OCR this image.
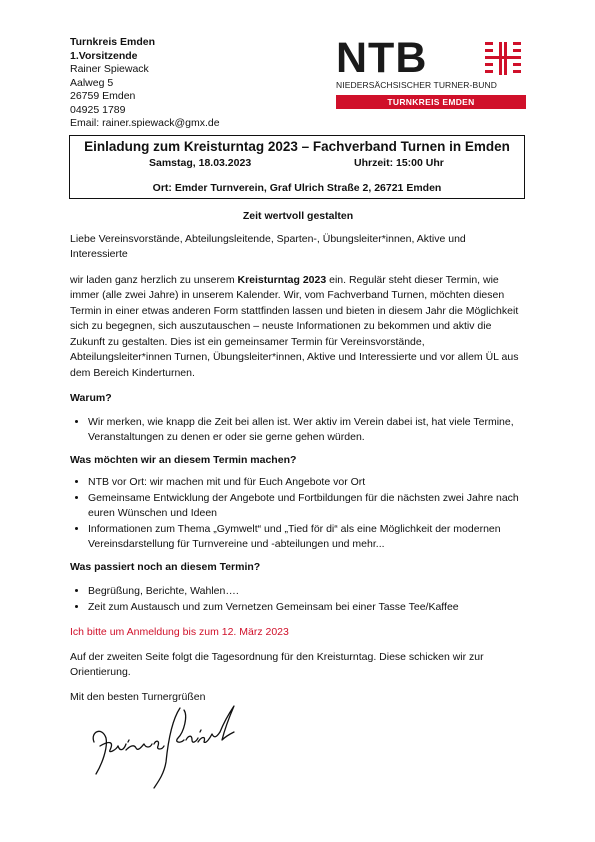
Turnkreis Emden
1.Vorsitzende
Rainer Spiewack
Aalweg 5
26759 Emden
04925 1789
Email: rainer.spiewack@gmx.de
NTB
NIEDERSÄCHSISCHER TURNER-BUND
TURNKREIS EMDEN
Einladung zum Kreisturntag 2023 – Fachverband Turnen in Emden
Samstag, 18.03.2023	Uhrzeit: 15:00 Uhr
Ort: Emder Turnverein, Graf Ulrich Straße 2, 26721 Emden

Zeit wertvoll gestalten

Liebe Vereinsvorstände, Abteilungsleitende, Sparten-, Übungsleiter*innen, Aktive und Interessierte

wir laden ganz herzlich zu unserem Kreisturntag 2023 ein. Regulär steht dieser Termin, wie immer (alle zwei Jahre) in unserem Kalender. Wir, vom Fachverband Turnen, möchten diesen Termin in einer etwas anderen Form stattfinden lassen und bieten in diesem Jahr die Möglichkeit sich zu begegnen, sich auszutauschen – neuste Informationen zu bekommen und aktiv die Zukunft zu gestalten. Dies ist ein gemeinsamer Termin für Vereinsvorstände, Abteilungsleiter*innen Turnen, Übungsleiter*innen, Aktive und Interessierte und vor allem ÜL aus dem Bereich Kinderturnen.

Warum?

• Wir merken, wie knapp die Zeit bei allen ist. Wer aktiv im Verein dabei ist, hat viele Termine, Veranstaltungen zu denen er oder sie gerne gehen würden.

Was möchten wir an diesem Termin machen?

• NTB vor Ort: wir machen mit und für Euch Angebote vor Ort
• Gemeinsame Entwicklung der Angebote und Fortbildungen für die nächsten zwei Jahre nach euren Wünschen und Ideen
• Informationen zum Thema „Gymwelt“ und „Tied för di“ als eine Möglichkeit der modernen Vereinsdarstellung für Turnvereine und -abteilungen und mehr...

Was passiert noch an diesem Termin?

• Begrüßung, Berichte, Wahlen….
• Zeit zum Austausch und zum Vernetzen Gemeinsam bei einer Tasse Tee/Kaffee

Ich bitte um Anmeldung bis zum 12. März 2023

Auf der zweiten Seite folgt die Tagesordnung für den Kreisturntag. Diese schicken wir zur Orientierung.

Mit den besten Turnergrüßen
